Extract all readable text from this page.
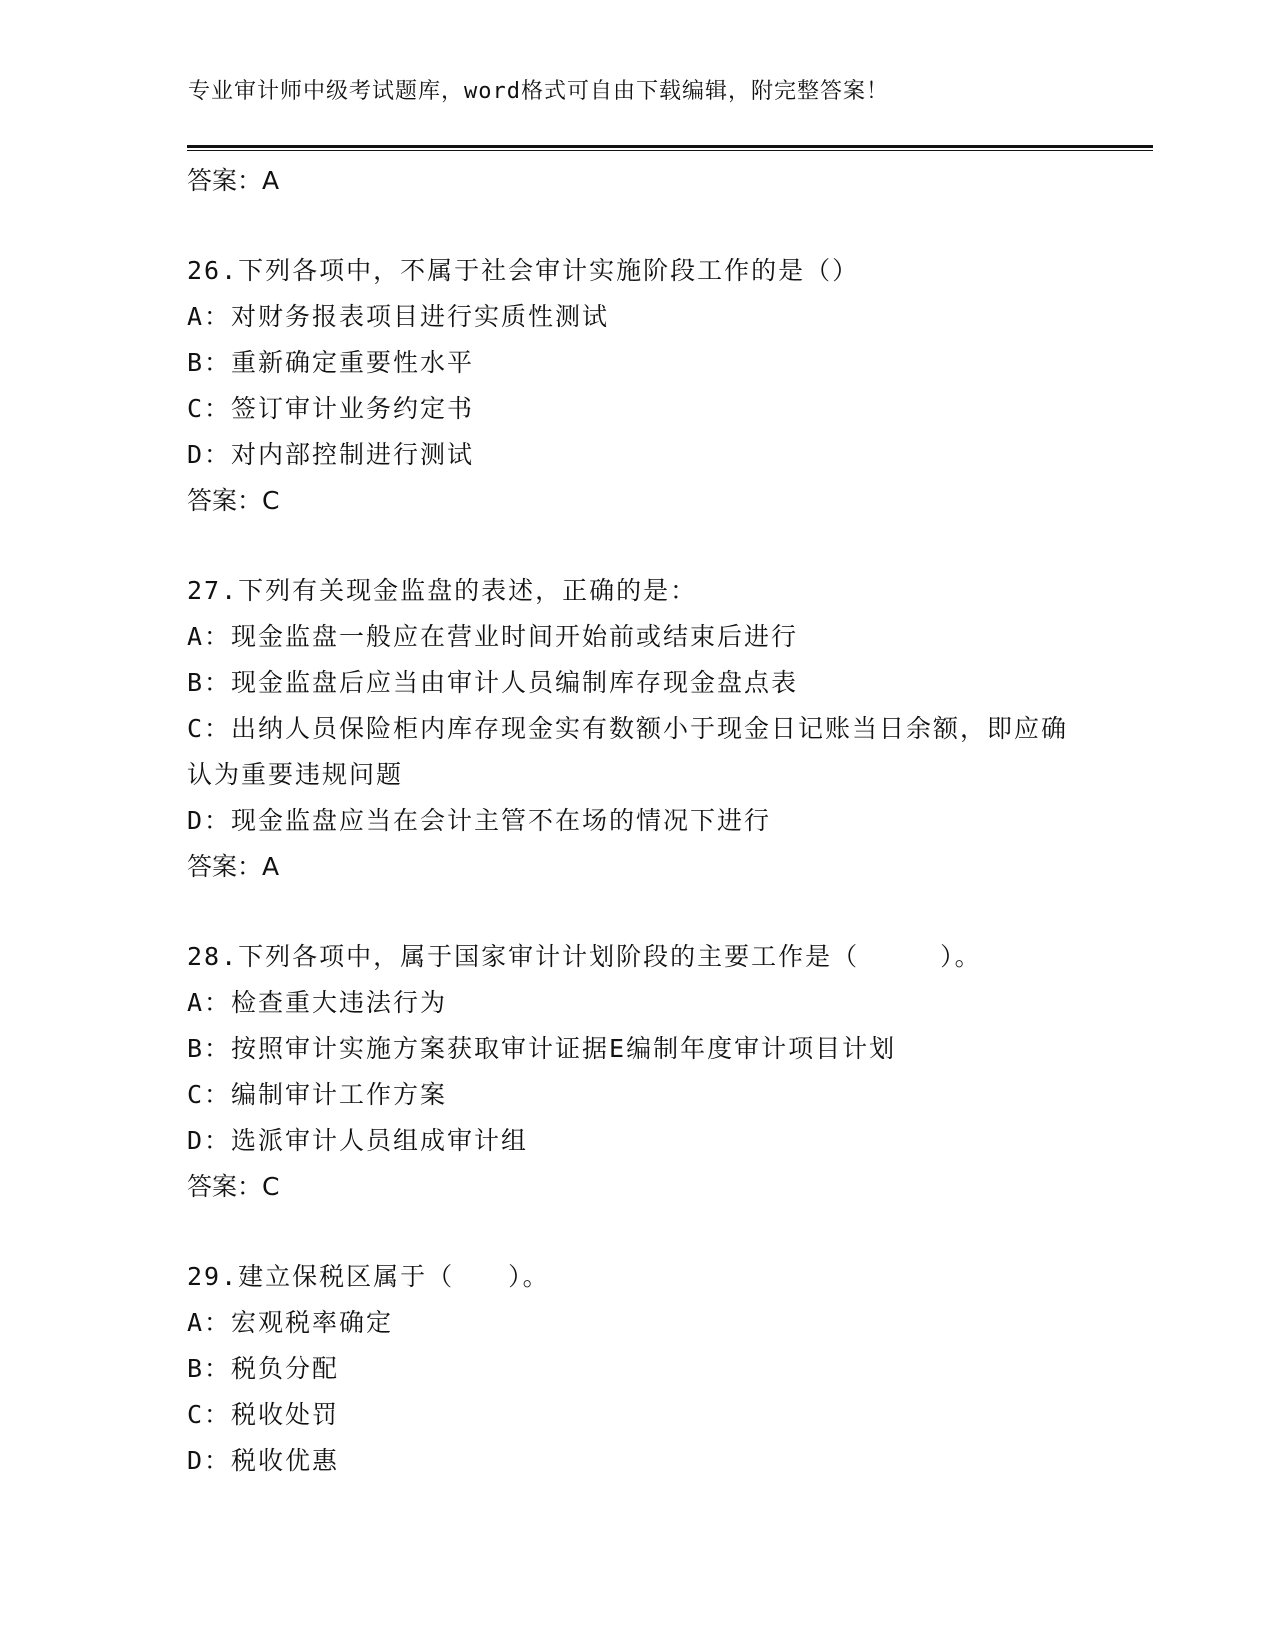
专业审计师中级考试题库，word格式可自由下载编辑，附完整答案！
答案：A
26.下列各项中，不属于社会审计实施阶段工作的是（）
A：对财务报表项目进行实质性测试
B：重新确定重要性水平
C：签订审计业务约定书
D：对内部控制进行测试
答案：C
27.下列有关现金监盘的表述，正确的是：
A：现金监盘一般应在营业时间开始前或结束后进行
B：现金监盘后应当由审计人员编制库存现金盘点表
C：出纳人员保险柜内库存现金实有数额小于现金日记账当日余额，即应确认为重要违规问题
D：现金监盘应当在会计主管不在场的情况下进行
答案：A
28.下列各项中，属于国家审计计划阶段的主要工作是（　　　）。
A：检查重大违法行为
B：按照审计实施方案获取审计证据E编制年度审计项目计划
C：编制审计工作方案
D：选派审计人员组成审计组
答案：C
29.建立保税区属于（　　）。
A：宏观税率确定
B：税负分配
C：税收处罚
D：税收优惠
